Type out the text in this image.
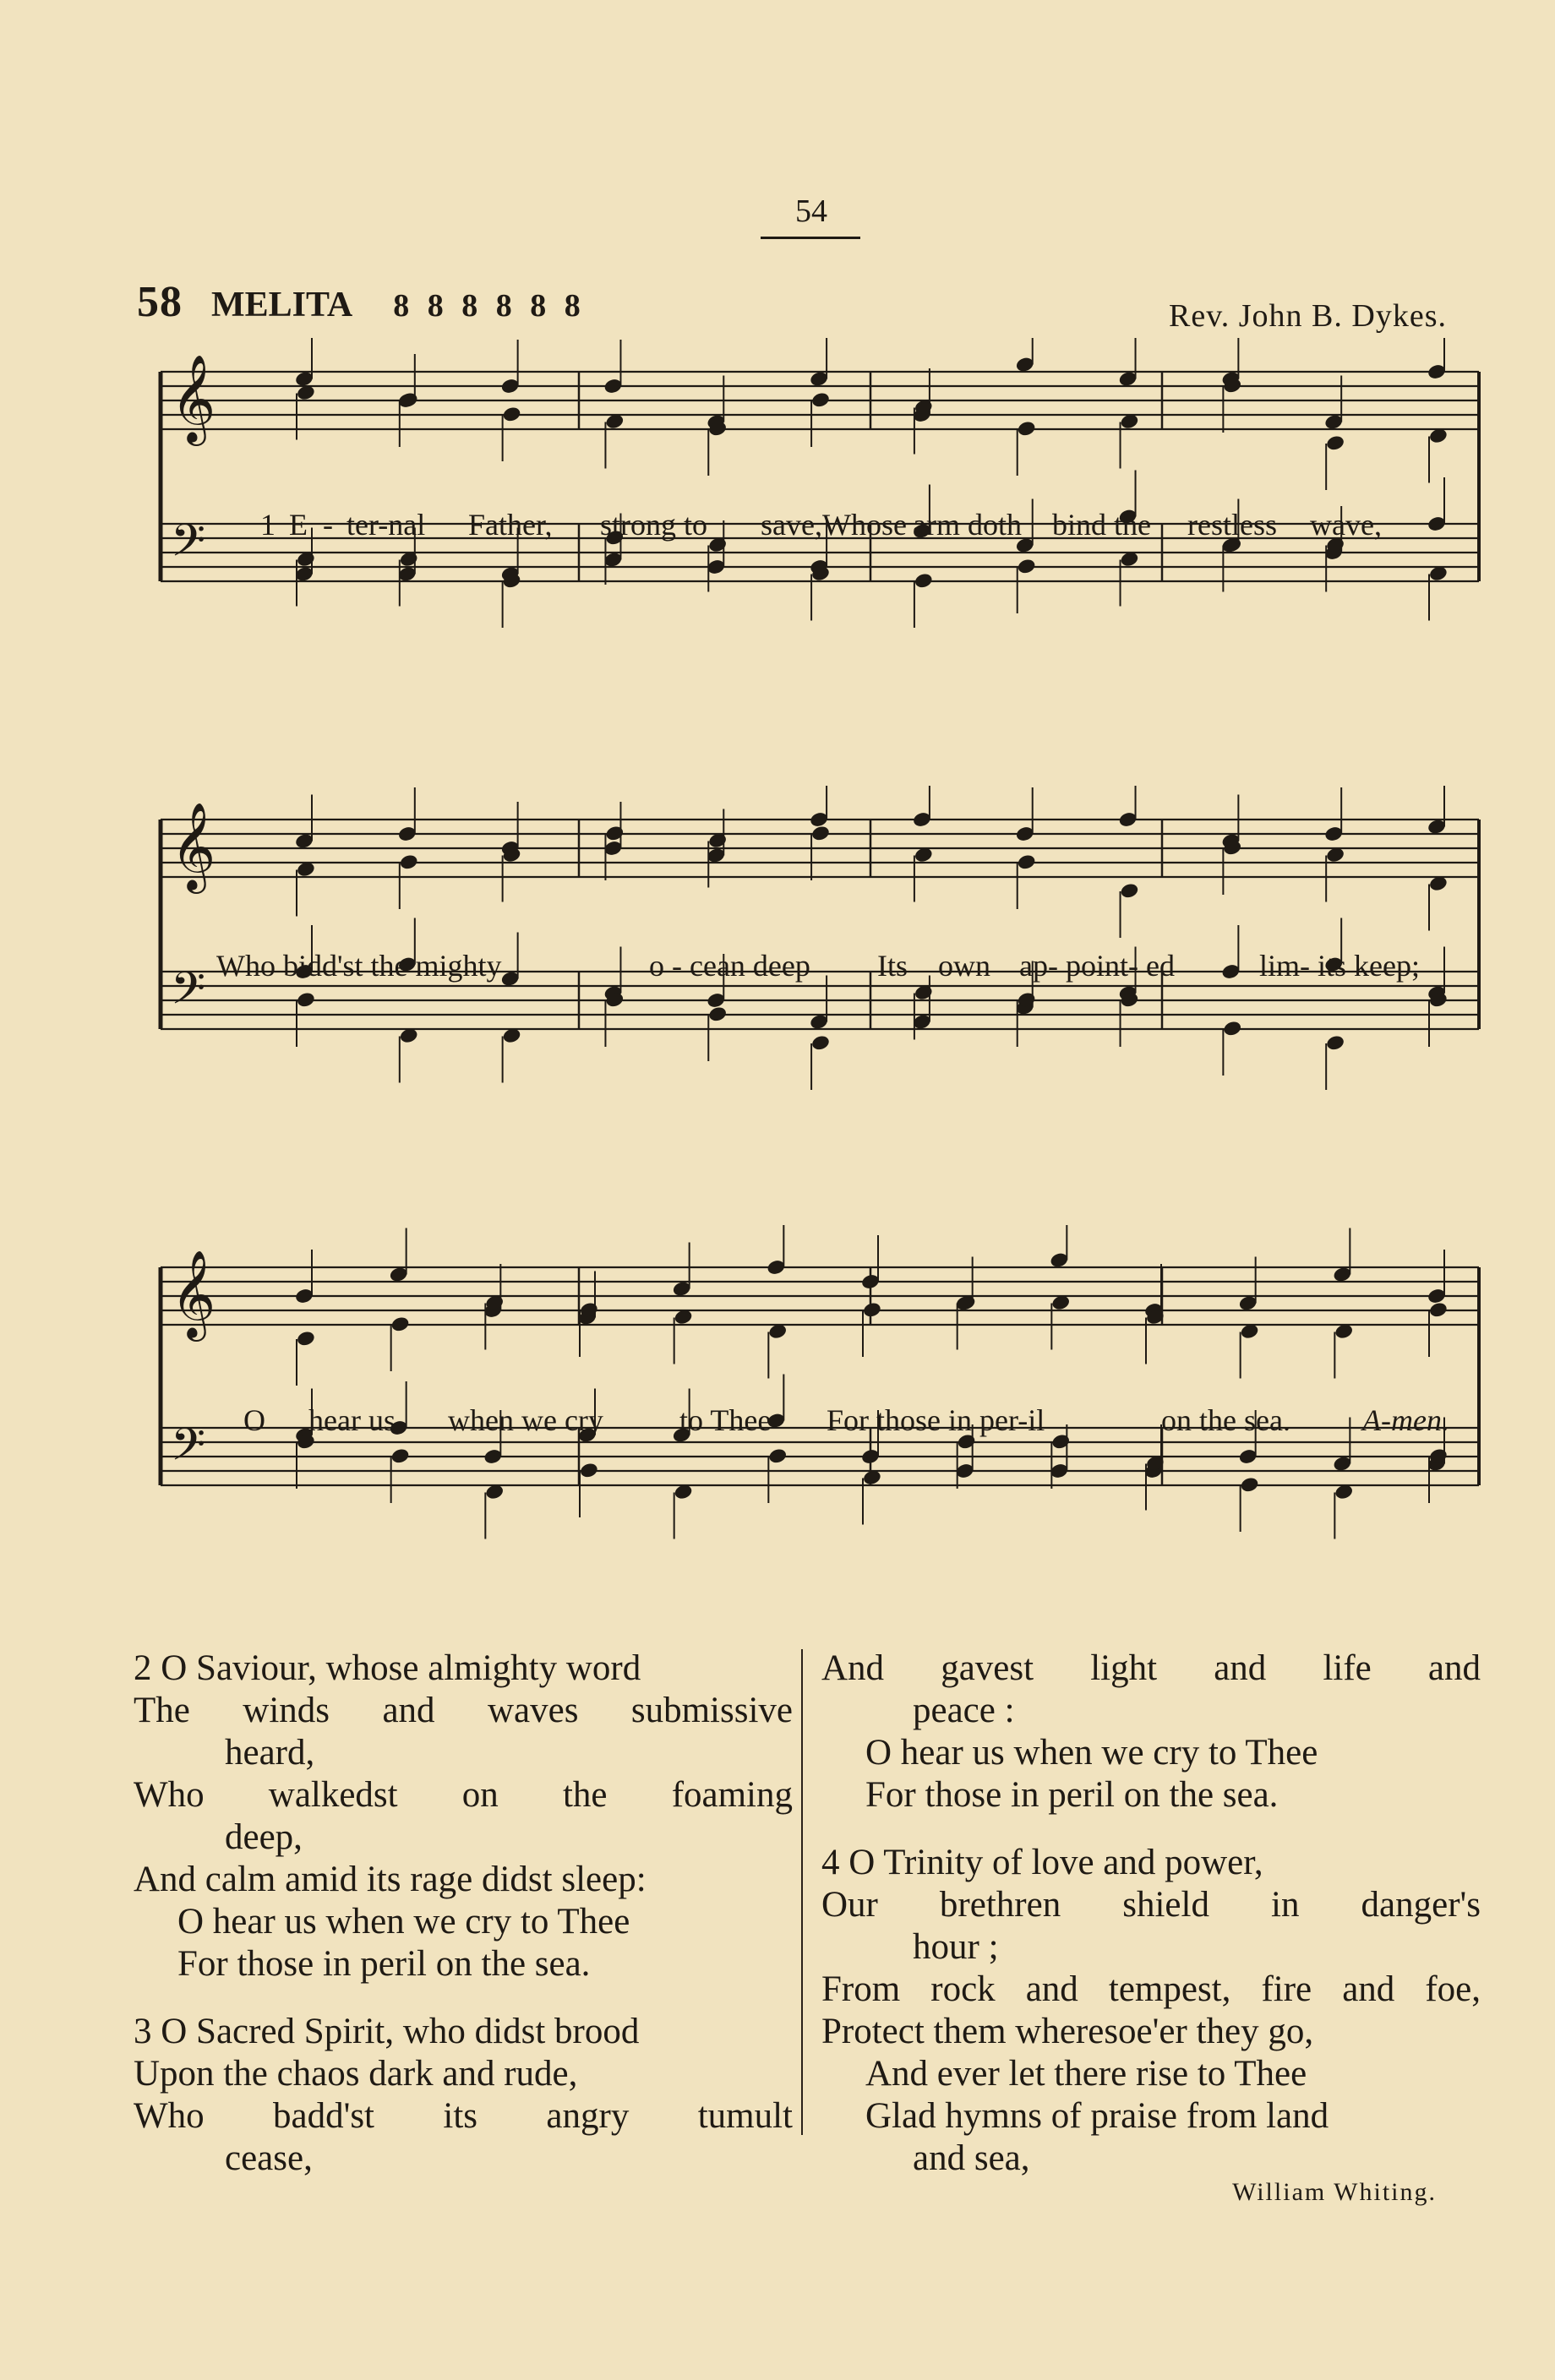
54
58 MELITA 8 8 8 8 8 8	Rev. John B. Dykes.
𝄞
𝄢 1 E - ter-nal Father, strong to save,Whose arm doth bind the restless wave,
𝄞
𝄢 Who bidd'st the mighty	o - cean deep Its own ap- point- ed	lim- its keep;
𝄞
𝄢 O hear us when we cry	to Thee For those in per-il	on the sea. A-men.
2 O Saviour, whose almighty word
The winds and waves submissive
heard,
Who walkedst on the foaming
deep,
And calm amid its rage didst sleep:
O hear us when we cry to Thee
For those in peril on the sea.
3 O Sacred Spirit, who didst brood
Upon the chaos dark and rude,
Who badd'st its angry tumult
cease,
And gavest light and life and
peace :
O hear us when we cry to Thee
For those in peril on the sea.
4 O Trinity of love and power,
Our brethren shield in danger's
hour ;
From rock and tempest, fire and foe,
Protect them wheresoe'er they go,
And ever let there rise to Thee
Glad hymns of praise from land
and sea,
William Whiting.
